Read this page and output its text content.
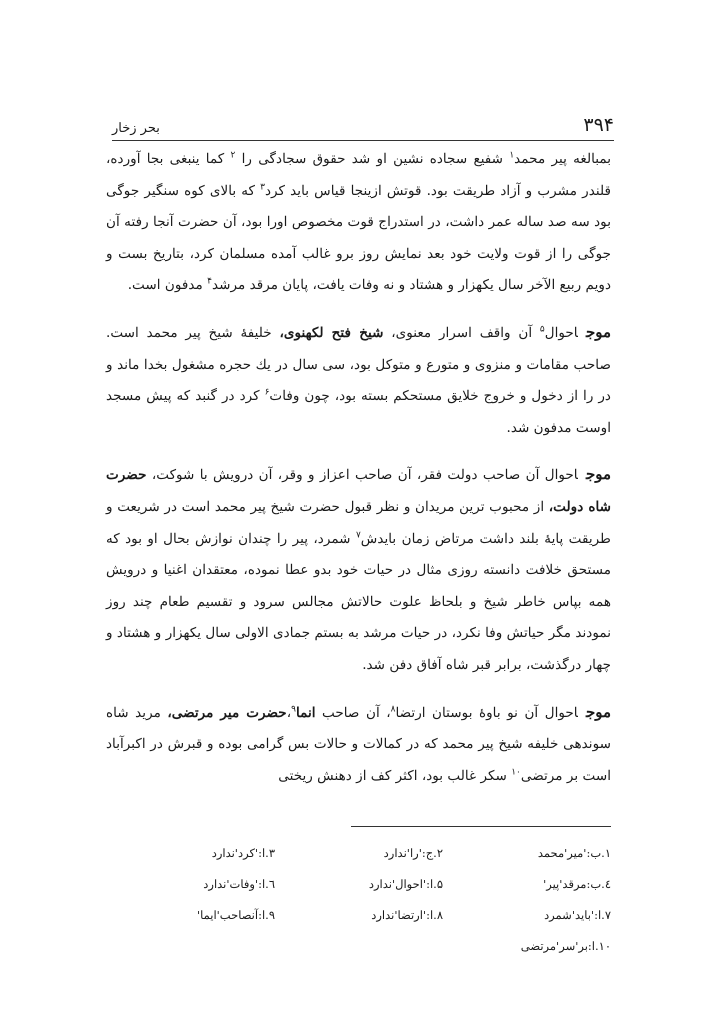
۳۹۴
بحر زخار

بمبالغه پیر محمد$^۱$ شفیع سجاده نشین او شد حقوق سجادگی را $^۲$ کما ینبغی بجا آورده، قلندر مشرب و آزاد طریقت بود. قوتش ازینجا قیاس باید کرد$^۳$ که بالای کوه سنگیر جوگی بود سه صد ساله عمر داشت، در استدراج قوت مخصوص اورا بود، آن حضرت آنجا رفته آن جوگی را از قوت ولایت خود بعد نمایش روز برو غالب آمده مسلمان کرد، بتاریخ بست و دویم ربیع الآخر سال یکهزار و هشتاد و نه وفات یافت، پایان مرقد مرشد$^۴$ مدفون است.

موجاحوال$^۵$ آن واقف اسرار معنوی، شیخ فتح لکهنوی، خلیفهٔ شیخ پیر محمد است. صاحب مقامات و منزوی و متورع و متوکل بود، سی سال در یك حجره مشغول بخدا ماند و در را از دخول و خروج خلایق مستحکم بسته بود، چون وفات$^۶$ کرد در گنبد که پیش مسجد اوست مدفون شد.

موجاحوال آن صاحب دولت فقر، آن صاحب اعزاز و وقر، آن درویش با شوکت، حضرت شاه دولت، از محبوب ترین مریدان و نظر قبول حضرت شیخ پیر محمد است در شریعت و طریقت پایهٔ بلند داشت مرتاض زمان بایدش$^۷$ شمرد، پیر را چندان نوازش بحال او بود که مستحق خلافت دانسته روزی مثال در حیات خود بدو عطا نموده، معتقدان اغنیا و درویش همه بپاس خاطر شیخ و بلحاظ علوت حالاتش مجالس سرود و تقسیم طعام چند روز نمودند مگر حیاتش وفا نکرد، در حیات مرشد به بستم جمادی الاولی سال یکهزار و هشتاد و چهار درگذشت، برابر قبر شاه آفاق دفن شد.

موجاحوال آن نو باوهٔ بوستان ارتضا$^۸$، آن صاحب انما$^۹$،حضرت میر مرتضی، مرید شاه سوندهی خلیفه شیخ پیر محمد که در کمالات و حالات بس گرامی بوده و قبرش در اکبرآباد است بر مرتضی$^{۱۰}$ سکر غالب بود، اکثر کف از دهنش ریختی

۱.ب:'میر'محمد
۲.ج:'را'ندارد
۳.ا:'کرد'ندارد
٤.ب:مرقد'پیر'
۵.ا:'احوال'ندارد
٦.ا:'وفات'ندارد
۷.ا:'باید'شمرد
۸.ا:'ارتضا'ندارد
۹.ا:آنصاحب'ایما'
۱۰.ا:بر'سر'مرتضی
